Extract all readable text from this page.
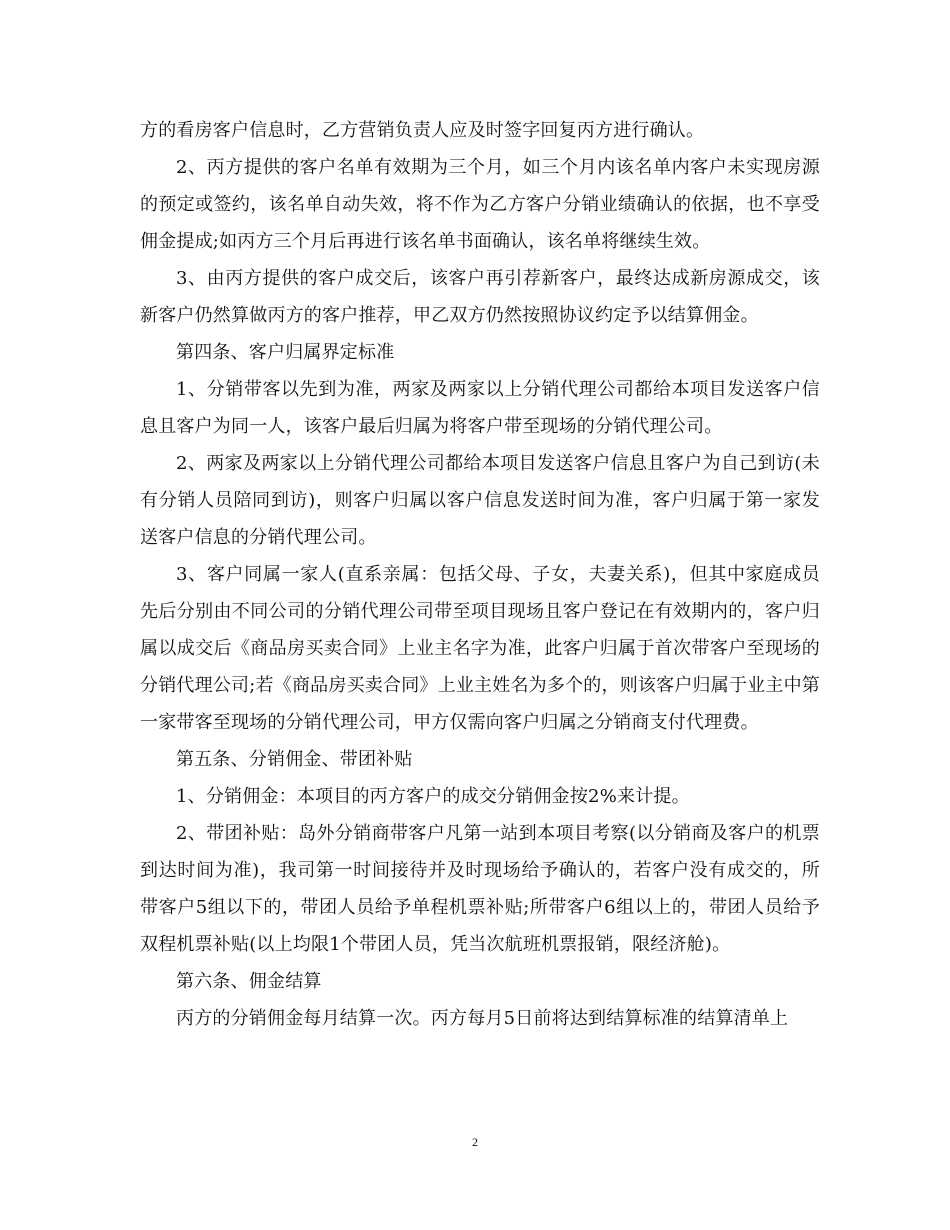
方的看房客户信息时，乙方营销负责人应及时签字回复丙方进行确认。

2、丙方提供的客户名单有效期为三个月，如三个月内该名单内客户未实现房源的预定或签约，该名单自动失效，将不作为乙方客户分销业绩确认的依据，也不享受佣金提成;如丙方三个月后再进行该名单书面确认，该名单将继续生效。

3、由丙方提供的客户成交后，该客户再引荐新客户，最终达成新房源成交，该新客户仍然算做丙方的客户推荐，甲乙双方仍然按照协议约定予以结算佣金。

第四条、客户归属界定标准

1、分销带客以先到为准，两家及两家以上分销代理公司都给本项目发送客户信息且客户为同一人，该客户最后归属为将客户带至现场的分销代理公司。

2、两家及两家以上分销代理公司都给本项目发送客户信息且客户为自己到访(未有分销人员陪同到访)，则客户归属以客户信息发送时间为准，客户归属于第一家发送客户信息的分销代理公司。

3、客户同属一家人(直系亲属：包括父母、子女，夫妻关系)，但其中家庭成员先后分别由不同公司的分销代理公司带至项目现场且客户登记在有效期内的，客户归属以成交后《商品房买卖合同》上业主名字为准，此客户归属于首次带客户至现场的分销代理公司;若《商品房买卖合同》上业主姓名为多个的，则该客户归属于业主中第一家带客至现场的分销代理公司，甲方仅需向客户归属之分销商支付代理费。

第五条、分销佣金、带团补贴

1、分销佣金：本项目的丙方客户的成交分销佣金按2%来计提。

2、带团补贴：岛外分销商带客户凡第一站到本项目考察(以分销商及客户的机票到达时间为准)，我司第一时间接待并及时现场给予确认的，若客户没有成交的，所带客户5组以下的，带团人员给予单程机票补贴;所带客户6组以上的，带团人员给予双程机票补贴(以上均限1个带团人员，凭当次航班机票报销，限经济舱)。

第六条、佣金结算

丙方的分销佣金每月结算一次。丙方每月5日前将达到结算标准的结算清单上

2
